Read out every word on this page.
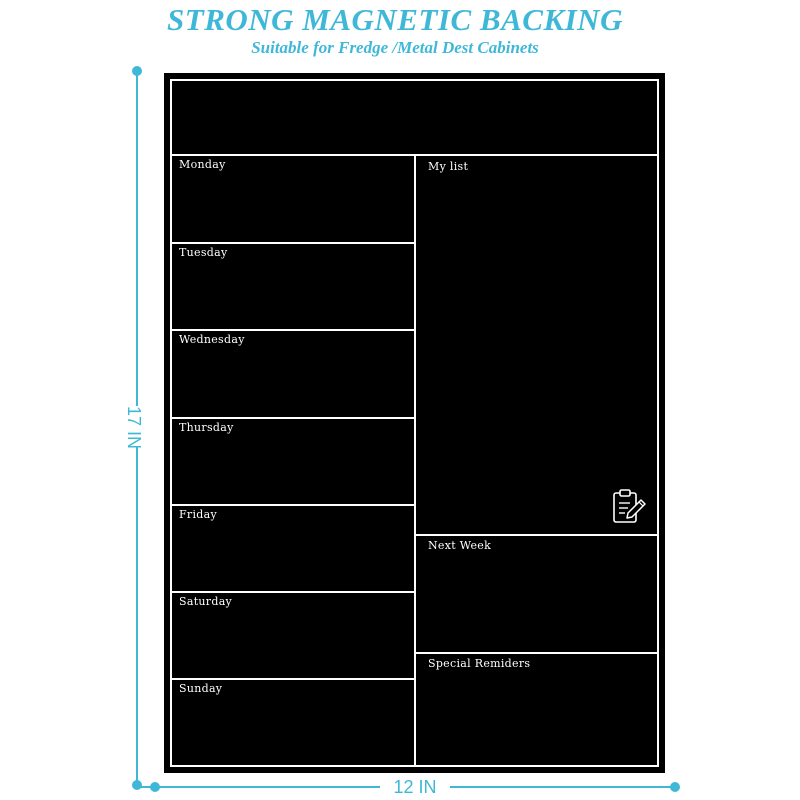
STRONG MAGNETIC BACKING
Suitable for Fredge /Metal Dest Cabinets
17 IN
12 IN
Monday
Tuesday
Wednesday
Thursday
Friday
Saturday
Sunday
My list
Next Week
Special Remiders
